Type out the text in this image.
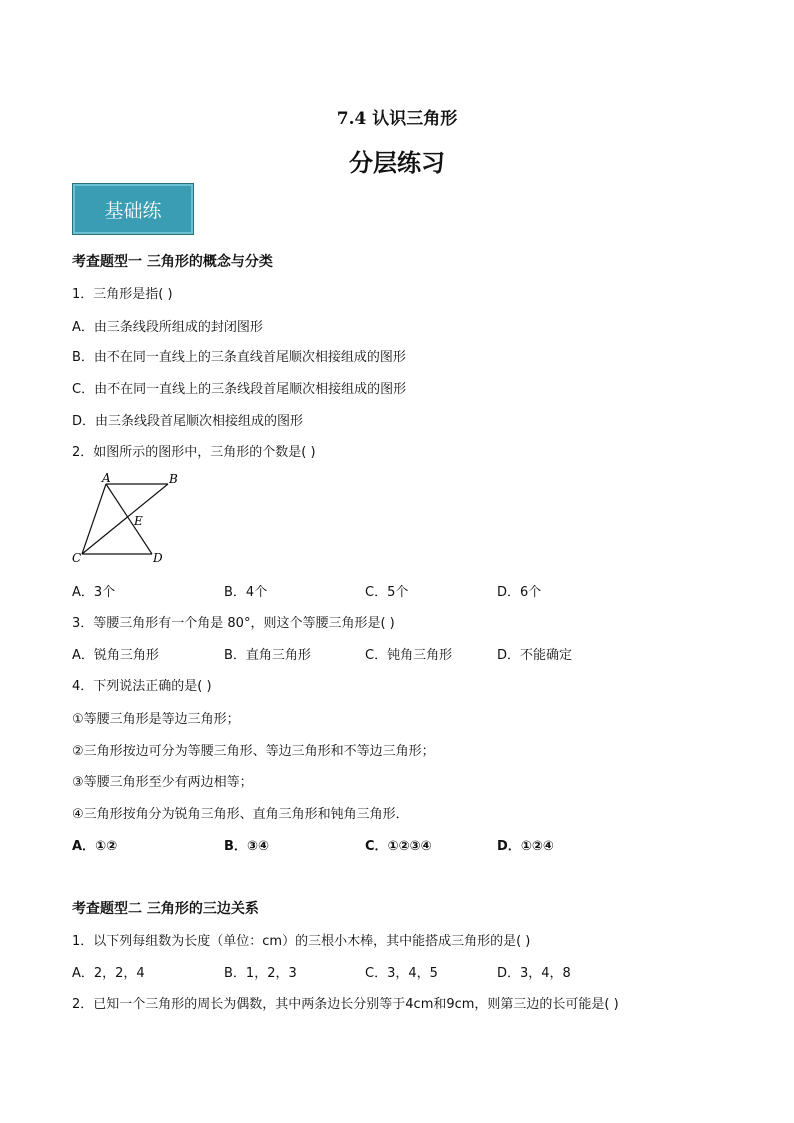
7.4 认识三角形
分层练习
基础练
考查题型一 三角形的概念与分类
1．三角形是指( )
A．由三条线段所组成的封闭图形
B．由不在同一直线上的三条直线首尾顺次相接组成的图形
C．由不在同一直线上的三条线段首尾顺次相接组成的图形
D．由三条线段首尾顺次相接组成的图形
2．如图所示的图形中，三角形的个数是( )
A	B
C	D
E
A．3个	B．4个	C．5个	D．6个
3．等腰三角形有一个角是 80°，则这个等腰三角形是( )
A．锐角三角形	B．直角三角形	C．钝角三角形	D．不能确定
4．下列说法正确的是( )
①等腰三角形是等边三角形；
②三角形按边可分为等腰三角形、等边三角形和不等边三角形；
③等腰三角形至少有两边相等；
④三角形按角分为锐角三角形、直角三角形和钝角三角形．
A．①②	B．③④	C．①②③④	D．①②④
考查题型二 三角形的三边关系
1．以下列每组数为长度（单位：cm）的三根小木棒，其中能搭成三角形的是( )
A．2，2，4	B．1，2，3	C．3，4，5	D．3，4，8
2．已知一个三角形的周长为偶数，其中两条边长分别等于4cm和9cm，则第三边的长可能是( )
